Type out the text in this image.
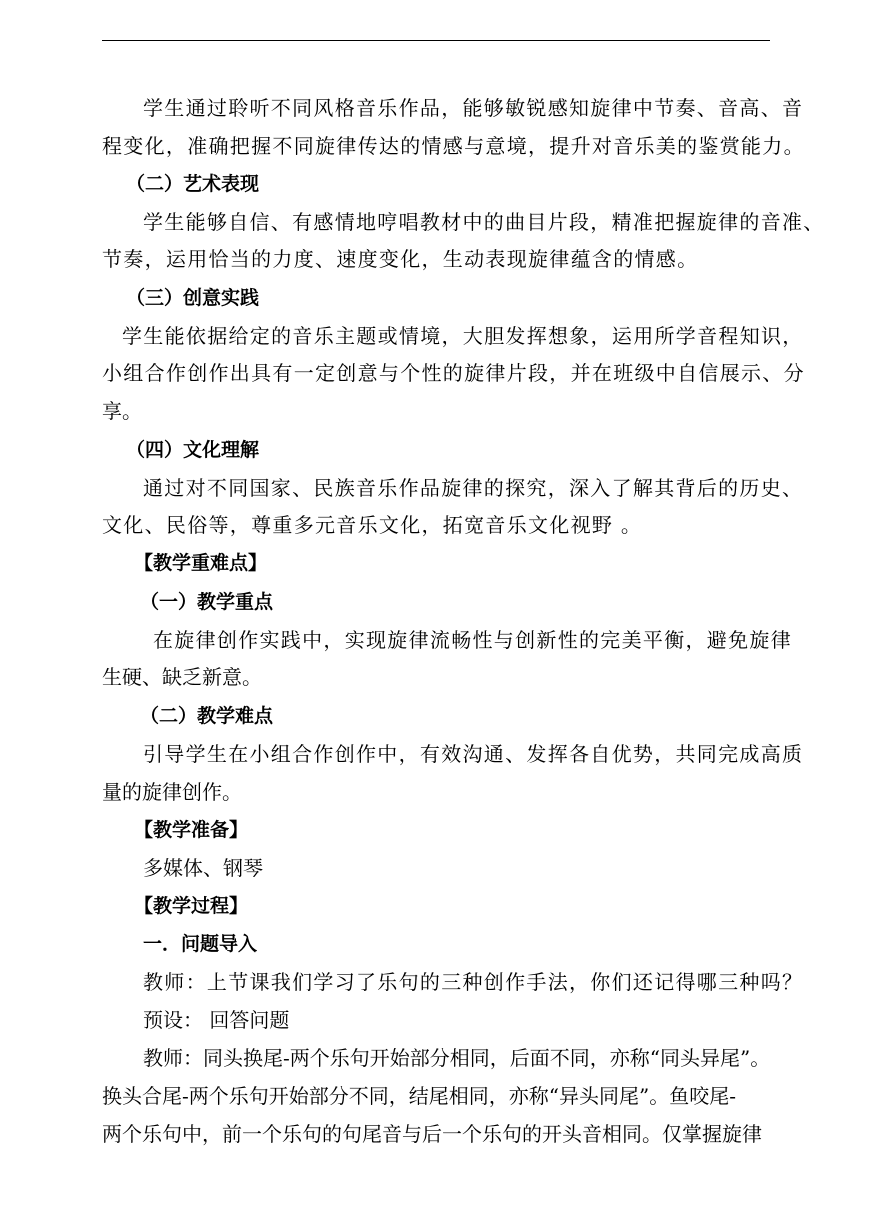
学生通过聆听不同风格音乐作品，能够敏锐感知旋律中节奏、音高、音
程变化，准确把握不同旋律传达的情感与意境，提升对音乐美的鉴赏能力。
（二）艺术表现
学生能够自信、有感情地哼唱教材中的曲目片段，精准把握旋律的音准、
节奏，运用恰当的力度、速度变化，生动表现旋律蕴含的情感。
（三）创意实践
学生能依据给定的音乐主题或情境，大胆发挥想象，运用所学音程知识，
小组合作创作出具有一定创意与个性的旋律片段，并在班级中自信展示、分
享。
（四）文化理解
通过对不同国家、民族音乐作品旋律的探究，深入了解其背后的历史、
文化、民俗等，尊重多元音乐文化，拓宽音乐文化视野 。
【教学重难点】
（一）教学重点
在旋律创作实践中，实现旋律流畅性与创新性的完美平衡，避免旋律
生硬、缺乏新意。
（二）教学难点
引导学生在小组合作创作中，有效沟通、发挥各自优势，共同完成高质
量的旋律创作。
【教学准备】
多媒体、钢琴
【教学过程】
一．问题导入
教师：上节课我们学习了乐句的三种创作手法，你们还记得哪三种吗？
预设： 回答问题
教师：同头换尾-两个乐句开始部分相同，后面不同，亦称“同头异尾”。
换头合尾-两个乐句开始部分不同，结尾相同，亦称“异头同尾”。鱼咬尾-
两个乐句中，前一个乐句的句尾音与后一个乐句的开头音相同。仅掌握旋律
